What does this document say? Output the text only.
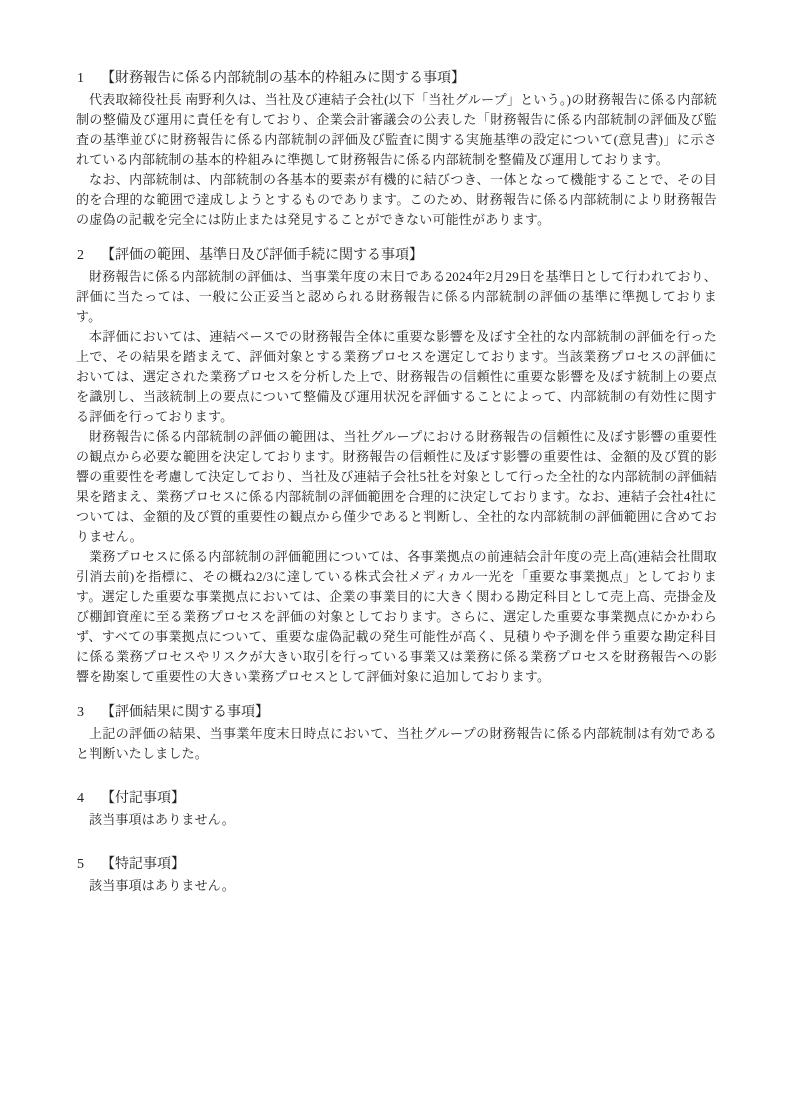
1 【財務報告に係る内部統制の基本的枠組みに関する事項】

代表取締役社長 南野利久は、当社及び連結子会社(以下「当社グループ」という。)の財務報告に係る内部統制の整備及び運用に責任を有しており、企業会計審議会の公表した「財務報告に係る内部統制の評価及び監査の基準並びに財務報告に係る内部統制の評価及び監査に関する実施基準の設定について(意見書)」に示されている内部統制の基本的枠組みに準拠して財務報告に係る内部統制を整備及び運用しております。

なお、内部統制は、内部統制の各基本的要素が有機的に結びつき、一体となって機能することで、その目的を合理的な範囲で達成しようとするものであります。このため、財務報告に係る内部統制により財務報告の虚偽の記載を完全には防止または発見することができない可能性があります。

2 【評価の範囲、基準日及び評価手続に関する事項】

財務報告に係る内部統制の評価は、当事業年度の末日である2024年2月29日を基準日として行われており、評価に当たっては、一般に公正妥当と認められる財務報告に係る内部統制の評価の基準に準拠しております。

本評価においては、連結ベースでの財務報告全体に重要な影響を及ぼす全社的な内部統制の評価を行った上で、その結果を踏まえて、評価対象とする業務プロセスを選定しております。当該業務プロセスの評価においては、選定された業務プロセスを分析した上で、財務報告の信頼性に重要な影響を及ぼす統制上の要点を識別し、当該統制上の要点について整備及び運用状況を評価することによって、内部統制の有効性に関する評価を行っております。

財務報告に係る内部統制の評価の範囲は、当社グループにおける財務報告の信頼性に及ぼす影響の重要性の観点から必要な範囲を決定しております。財務報告の信頼性に及ぼす影響の重要性は、金額的及び質的影響の重要性を考慮して決定しており、当社及び連結子会社5社を対象として行った全社的な内部統制の評価結果を踏まえ、業務プロセスに係る内部統制の評価範囲を合理的に決定しております。なお、連結子会社4社については、金額的及び質的重要性の観点から僅少であると判断し、全社的な内部統制の評価範囲に含めておりません。

業務プロセスに係る内部統制の評価範囲については、各事業拠点の前連結会計年度の売上高(連結会社間取引消去前)を指標に、その概ね2/3に達している株式会社メディカル一光を「重要な事業拠点」としております。選定した重要な事業拠点においては、企業の事業目的に大きく関わる勘定科目として売上高、売掛金及び棚卸資産に至る業務プロセスを評価の対象としております。さらに、選定した重要な事業拠点にかかわらず、すべての事業拠点について、重要な虚偽記載の発生可能性が高く、見積りや予測を伴う重要な勘定科目に係る業務プロセスやリスクが大きい取引を行っている事業又は業務に係る業務プロセスを財務報告への影響を勘案して重要性の大きい業務プロセスとして評価対象に追加しております。

3 【評価結果に関する事項】

上記の評価の結果、当事業年度末日時点において、当社グループの財務報告に係る内部統制は有効であると判断いたしました。

4 【付記事項】

該当事項はありません。

5 【特記事項】

該当事項はありません。
